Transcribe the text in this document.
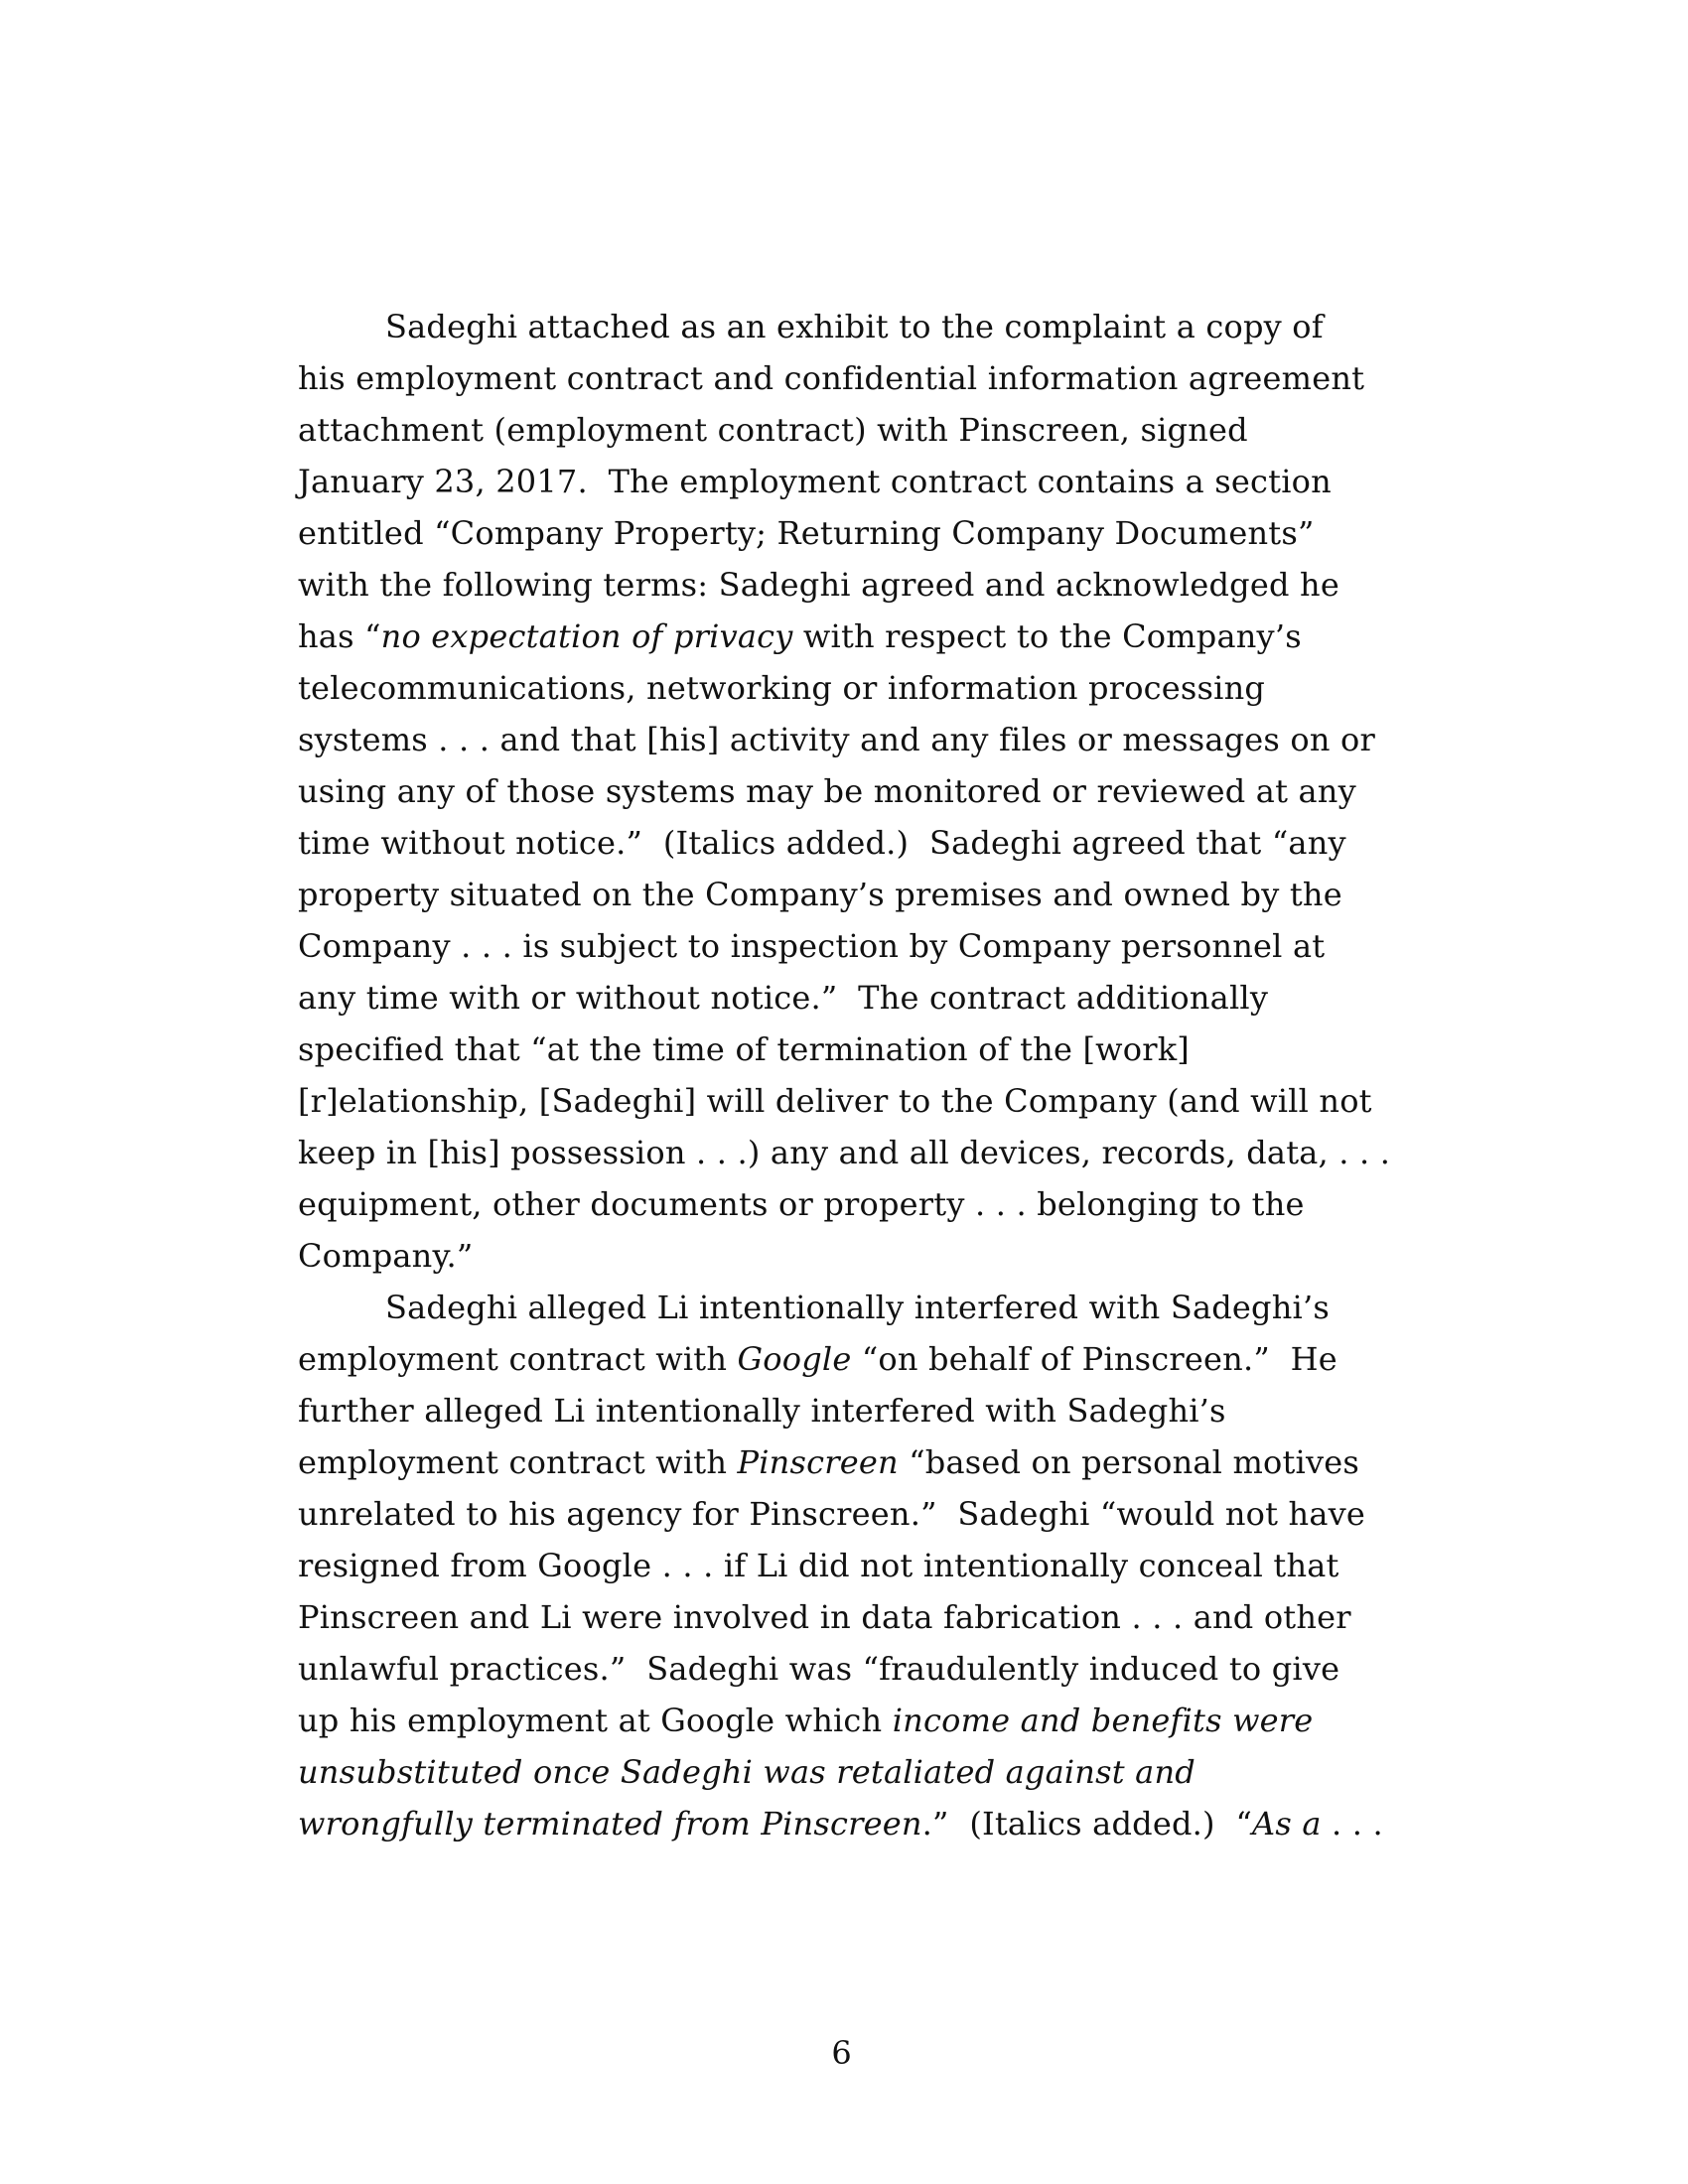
Sadeghi attached as an exhibit to the complaint a copy of
his employment contract and confidential information agreement
attachment (employment contract) with Pinscreen, signed
January 23, 2017.  The employment contract contains a section
entitled “Company Property; Returning Company Documents”
with the following terms: Sadeghi agreed and acknowledged he
has “no expectation of privacy with respect to the Company’s
telecommunications, networking or information processing
systems . . . and that [his] activity and any files or messages on or
using any of those systems may be monitored or reviewed at any
time without notice.”  (Italics added.)  Sadeghi agreed that “any
property situated on the Company’s premises and owned by the
Company . . . is subject to inspection by Company personnel at
any time with or without notice.”  The contract additionally
specified that “at the time of termination of the [work]
[r]elationship, [Sadeghi] will deliver to the Company (and will not
keep in [his] possession . . .) any and all devices, records, data, . . .
equipment, other documents or property . . . belonging to the
Company.”
Sadeghi alleged Li intentionally interfered with Sadeghi’s
employment contract with Google “on behalf of Pinscreen.”  He
further alleged Li intentionally interfered with Sadeghi’s
employment contract with Pinscreen “based on personal motives
unrelated to his agency for Pinscreen.”  Sadeghi “would not have
resigned from Google . . . if Li did not intentionally conceal that
Pinscreen and Li were involved in data fabrication . . . and other
unlawful practices.”  Sadeghi was “fraudulently induced to give
up his employment at Google which income and benefits were
unsubstituted once Sadeghi was retaliated against and
wrongfully terminated from Pinscreen.”  (Italics added.)  “As a . . .
6
